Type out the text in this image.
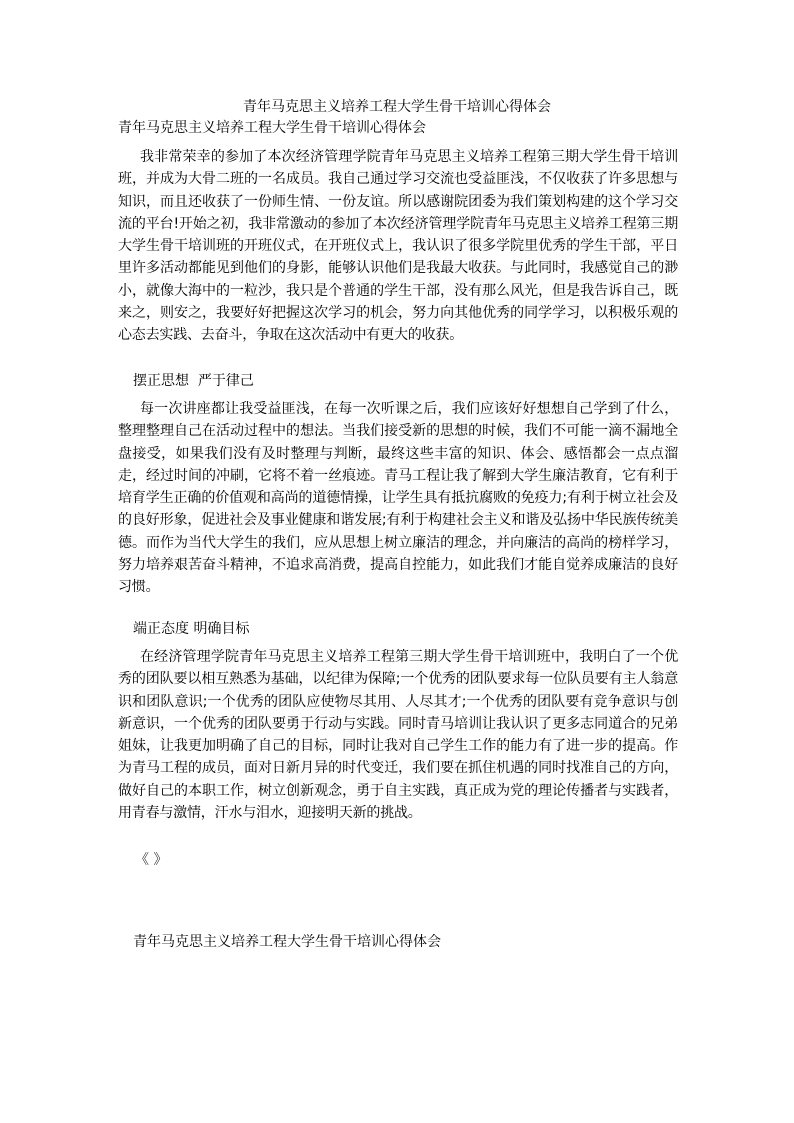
青年马克思主义培养工程大学生骨干培训心得体会
青年马克思主义培养工程大学生骨干培训心得体会

我非常荣幸的参加了本次经济管理学院青年马克思主义培养工程第三期大学生骨干培训班，并成为大骨二班的一名成员。我自己通过学习交流也受益匪浅，不仅收获了许多思想与知识，而且还收获了一份师生情、一份友谊。所以感谢院团委为我们策划构建的这个学习交流的平台!开始之初，我非常激动的参加了本次经济管理学院青年马克思主义培养工程第三期大学生骨干培训班的开班仪式，在开班仪式上，我认识了很多学院里优秀的学生干部，平日里许多活动都能见到他们的身影，能够认识他们是我最大收获。与此同时，我感觉自己的渺小，就像大海中的一粒沙，我只是个普通的学生干部，没有那么风光，但是我告诉自己，既来之，则安之，我要好好把握这次学习的机会，努力向其他优秀的同学学习，以积极乐观的心态去实践、去奋斗，争取在这次活动中有更大的收获。

摆正思想  严于律己

每一次讲座都让我受益匪浅，在每一次听课之后，我们应该好好想想自己学到了什么，整理整理自己在活动过程中的想法。当我们接受新的思想的时候，我们不可能一滴不漏地全盘接受，如果我们没有及时整理与判断，最终这些丰富的知识、体会、感悟都会一点点溜走，经过时间的冲刷，它将不着一丝痕迹。青马工程让我了解到大学生廉洁教育，它有利于培育学生正确的价值观和高尚的道德情操，让学生具有抵抗腐败的免疫力;有利于树立社会及的良好形象，促进社会及事业健康和谐发展;有利于构建社会主义和谐及弘扬中华民族传统美德。而作为当代大学生的我们，应从思想上树立廉洁的理念，并向廉洁的高尚的榜样学习，努力培养艰苦奋斗精神，不追求高消费，提高自控能力，如此我们才能自觉养成廉洁的良好习惯。

端正态度 明确目标

在经济管理学院青年马克思主义培养工程第三期大学生骨干培训班中，我明白了一个优秀的团队要以相互熟悉为基础，以纪律为保障;一个优秀的团队要求每一位队员要有主人翁意识和团队意识;一个优秀的团队应使物尽其用、人尽其才;一个优秀的团队要有竞争意识与创新意识，一个优秀的团队要勇于行动与实践。同时青马培训让我认识了更多志同道合的兄弟姐妹，让我更加明确了自己的目标，同时让我对自己学生工作的能力有了进一步的提高。作为青马工程的成员，面对日新月异的时代变迁，我们要在抓住机遇的同时找准自己的方向，做好自己的本职工作，树立创新观念，勇于自主实践，真正成为党的理论传播者与实践者，用青春与激情，汗水与泪水，迎接明天新的挑战。

《 》
青年马克思主义培养工程大学生骨干培训心得体会
